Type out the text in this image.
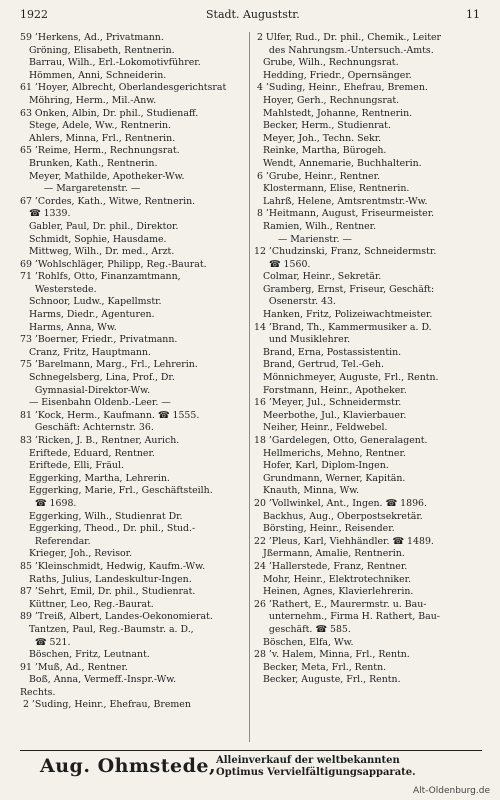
1922	Stadt. Auguststr.	11
59 ’Herkens, Ad., Privatmann.
Gröning, Elisabeth, Rentnerin.
Barrau, Wilh., Erl.-Lokomotivführer.
Hömmen, Anni, Schneiderin.
61 ’Hoyer, Albrecht, Oberlandesgerichtsrat
Möhring, Herm., Mil.-Anw.
63 Onken, Albin, Dr. phil., Studienaff.
Stege, Adele, Ww., Rentnerin.
Ahlers, Minna, Frl., Rentnerin.
65 ’Reime, Herm., Rechnungsrat.
Brunken, Kath., Rentnerin.
Meyer, Mathilde, Apotheker-Ww.
— Margaretenstr. —
67 ’Cordes, Kath., Witwe, Rentnerin.
☎ 1339.
Gabler, Paul, Dr. phil., Direktor.
Schmidt, Sophie, Hausdame.
Mittweg, Wilh., Dr. med., Arzt.
69 ’Wohlschläger, Philipp, Reg.-Baurat.
71 ’Rohlfs, Otto, Finanzamtmann,
Westerstede.
Schnoor, Ludw., Kapellmstr.
Harms, Diedr., Agenturen.
Harms, Anna, Ww.
73 ’Boerner, Friedr., Privatmann.
Cranz, Fritz, Hauptmann.
75 ’Barelmann, Marg., Frl., Lehrerin.
Schnegelsberg, Lina, Prof., Dr.
Gymnasial-Direktor-Ww.
— Eisenbahn Oldenb.-Leer. —
81 ’Kock, Herm., Kaufmann. ☎ 1555.
Geschäft: Achternstr. 36.
83 ’Ricken, J. B., Rentner, Aurich.
Eriftede, Eduard, Rentner.
Eriftede, Elli, Fräul.
Eggerking, Martha, Lehrerin.
Eggerking, Marie, Frl., Geschäftsteilh.
☎ 1698.
Eggerking, Wilh., Studienrat Dr.
Eggerking, Theod., Dr. phil., Stud.-
Referendar.
Krieger, Joh., Revisor.
85 ’Kleinschmidt, Hedwig, Kaufm.-Ww.
Raths, Julius, Landeskultur-Ingen.
87 ’Sehrt, Emil, Dr. phil., Studienrat.
Küttner, Leo, Reg.-Baurat.
89 ’Treiß, Albert, Landes-Oekonomierat.
Tantzen, Paul, Reg.-Baumstr. a. D.,
☎ 521.
Böschen, Fritz, Leutnant.
91 ’Muß, Ad., Rentner.
Boß, Anna, Vermeff.-Inspr.-Ww.
Rechts.
2 ’Suding, Heinr., Ehefrau, Bremen
2 Ulfer, Rud., Dr. phil., Chemik., Leiter
des Nahrungsm.-Untersuch.-Amts.
Grube, Wilh., Rechnungsrat.
Hedding, Friedr., Opernsänger.
4 ’Suding, Heinr., Ehefrau, Bremen.
Hoyer, Gerh., Rechnungsrat.
Mahlstedt, Johanne, Rentnerin.
Becker, Herm., Studienrat.
Meyer, Joh., Techn. Sekr.
Reinke, Martha, Bürogeh.
Wendt, Annemarie, Buchhalterin.
6 ’Grube, Heinr., Rentner.
Klostermann, Elise, Rentnerin.
Lahrß, Helene, Amtsrentmstr.-Ww.
8 ’Heitmann, August, Friseurmeister.
Ramien, Wilh., Rentner.
— Marienstr. —
12 ’Chudzinski, Franz, Schneidermstr.
☎ 1560.
Colmar, Heinr., Sekretär.
Gramberg, Ernst, Friseur, Geschäft:
Osenerstr. 43.
Hanken, Fritz, Polizeiwachtmeister.
14 ’Brand, Th., Kammermusiker a. D.
und Musiklehrer.
Brand, Erna, Postassistentin.
Brand, Gertrud, Tel.-Geh.
Mönnichmeyer, Auguste, Frl., Rentn.
Forstmann, Heinr., Apotheker.
16 ’Meyer, Jul., Schneidermstr.
Meerbothe, Jul., Klavierbauer.
Neiher, Heinr., Feldwebel.
18 ’Gardelegen, Otto, Generalagent.
Hellmerichs, Mehno, Rentner.
Hofer, Karl, Diplom-Ingen.
Grundmann, Werner, Kapitän.
Knauth, Minna, Ww.
20 ’Vollwinkel, Ant., Ingen. ☎ 1896.
Backhus, Aug., Oberpostsekretär.
Börsting, Heinr., Reisender.
22 ’Pleus, Karl, Viehhändler. ☎ 1489.
Jßermann, Amalie, Rentnerin.
24 ’Hallerstede, Franz, Rentner.
Mohr, Heinr., Elektrotechniker.
Heinen, Agnes, Klavierlehrerin.
26 ’Rathert, E., Maurermstr. u. Bau-
unternehm., Firma H. Rathert, Bau-
geschäft. ☎ 585.
Böschen, Elfa, Ww.
28 ’v. Halem, Minna, Frl., Rentn.
Becker, Meta, Frl., Rentn.
Becker, Auguste, Frl., Rentn.
Aug. Ohmstede, Alleinverkauf der weltbekannten
Optimus Vervielfältigungsapparate.
Alt-Oldenburg.de
